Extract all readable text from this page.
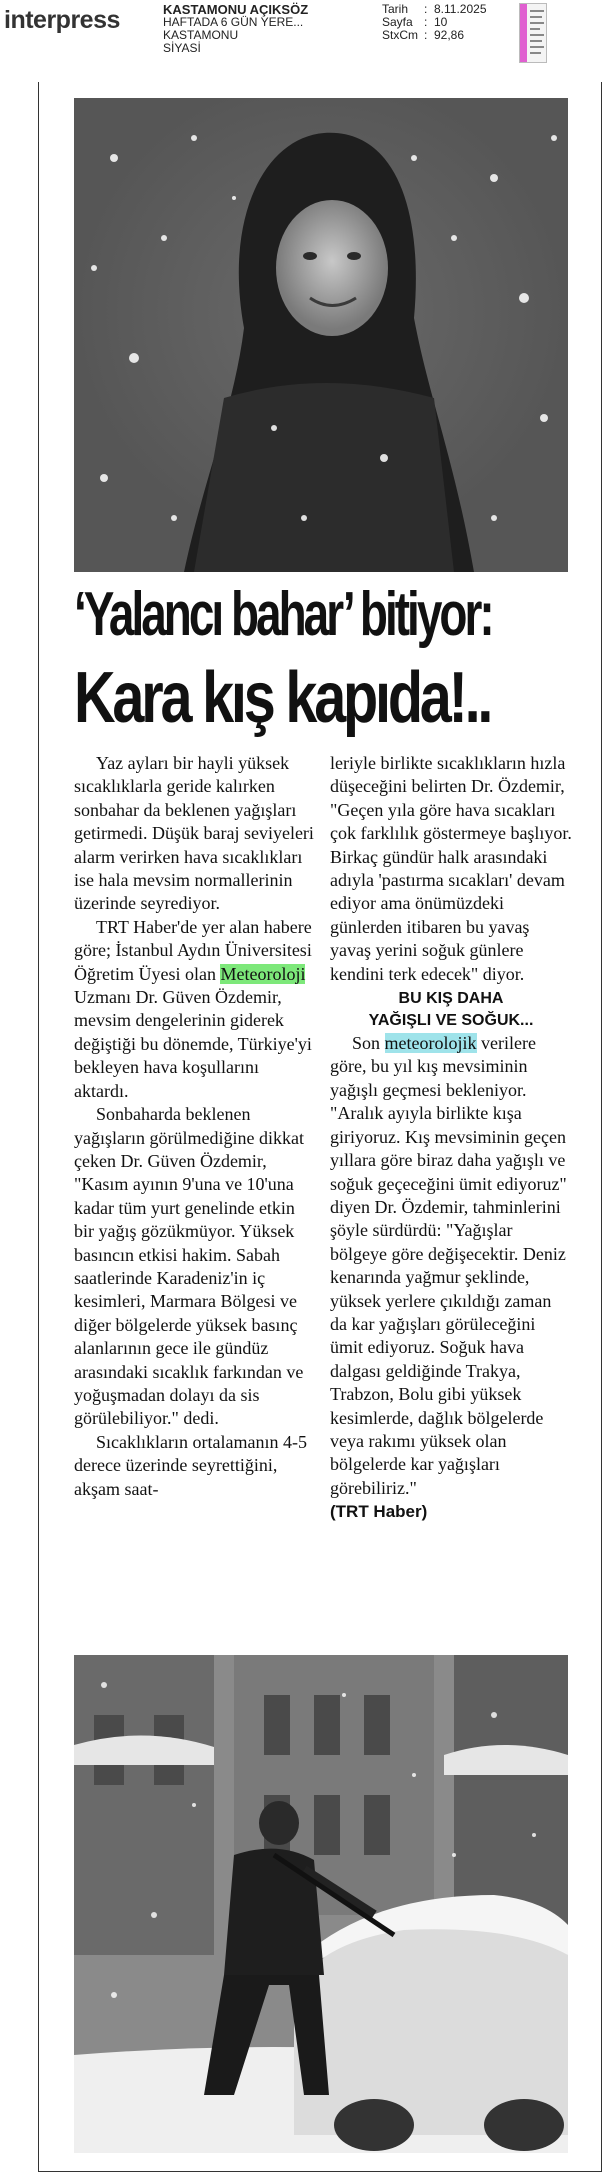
interpress	KASTAMONU AÇIKSÖZ
HAFTADA 6 GÜN YERE...
KASTAMONU
SİYASİ
Tarih	: 8.11.2025
Sayfa : 10
StxCm : 92,86
‘Yalancı bahar’ bitiyor:
Kara kış kapıda!..

Yaz ayları bir hayli yüksek sıcaklıklarla geride kalırken sonbahar da beklenen yağışları getirmedi. Düşük baraj seviyeleri alarm verirken hava sıcaklıkları ise hala mevsim normallerinin üzerinde seyrediyor.

TRT Haber'de yer alan habere göre; İstanbul Aydın Üniversitesi Öğretim Üyesi olan Meteoroloji Uzmanı Dr. Güven Özdemir, mevsim dengelerinin giderek değiştiği bu dönemde, Türkiye'yi bekleyen hava koşullarını aktardı.

Sonbaharda beklenen yağışların görülmediğine dikkat çeken Dr. Güven Özdemir, "Kasım ayının 9'una ve 10'una kadar tüm yurt genelinde etkin bir yağış gözükmüyor. Yüksek basıncın etkisi hakim. Sabah saatlerinde Karadeniz'in iç kesimleri, Marmara Bölgesi ve diğer bölgelerde yüksek basınç alanlarının gece ile gündüz arasındaki sıcaklık farkından ve yoğuşmadan dolayı da sis görülebiliyor." dedi.

Sıcaklıkların ortalamanın 4-5 derece üzerinde seyrettiğini, akşam saat-

leriyle birlikte sıcaklıkların hızla düşeceğini belirten Dr. Özdemir, "Geçen yıla göre hava sıcakları çok farklılık göstermeye başlıyor. Birkaç gündür halk arasındaki adıyla 'pastırma sıcakları' devam ediyor ama önümüzdeki günlerden itibaren bu yavaş yavaş yerini soğuk günlere kendini terk edecek" diyor.

BU KIŞ DAHA
YAĞIŞLI VE SOĞUK...

Son meteorolojik verilere göre, bu yıl kış mevsiminin yağışlı geçmesi bekleniyor. "Aralık ayıyla birlikte kışa giriyoruz. Kış mevsiminin geçen yıllara göre biraz daha yağışlı ve soğuk geçeceğini ümit ediyoruz" diyen Dr. Özdemir, tahminlerini şöyle sürdürdü: "Yağışlar bölgeye göre değişecektir. Deniz kenarında yağmur şeklinde, yüksek yerlere çıkıldığı zaman da kar yağışları görüleceğini ümit ediyoruz. Soğuk hava dalgası geldiğinde Trakya, Trabzon, Bolu gibi yüksek kesimlerde, dağlık bölgelerde veya rakımı yüksek olan bölgelerde kar yağışları görebiliriz."

(TRT Haber)
